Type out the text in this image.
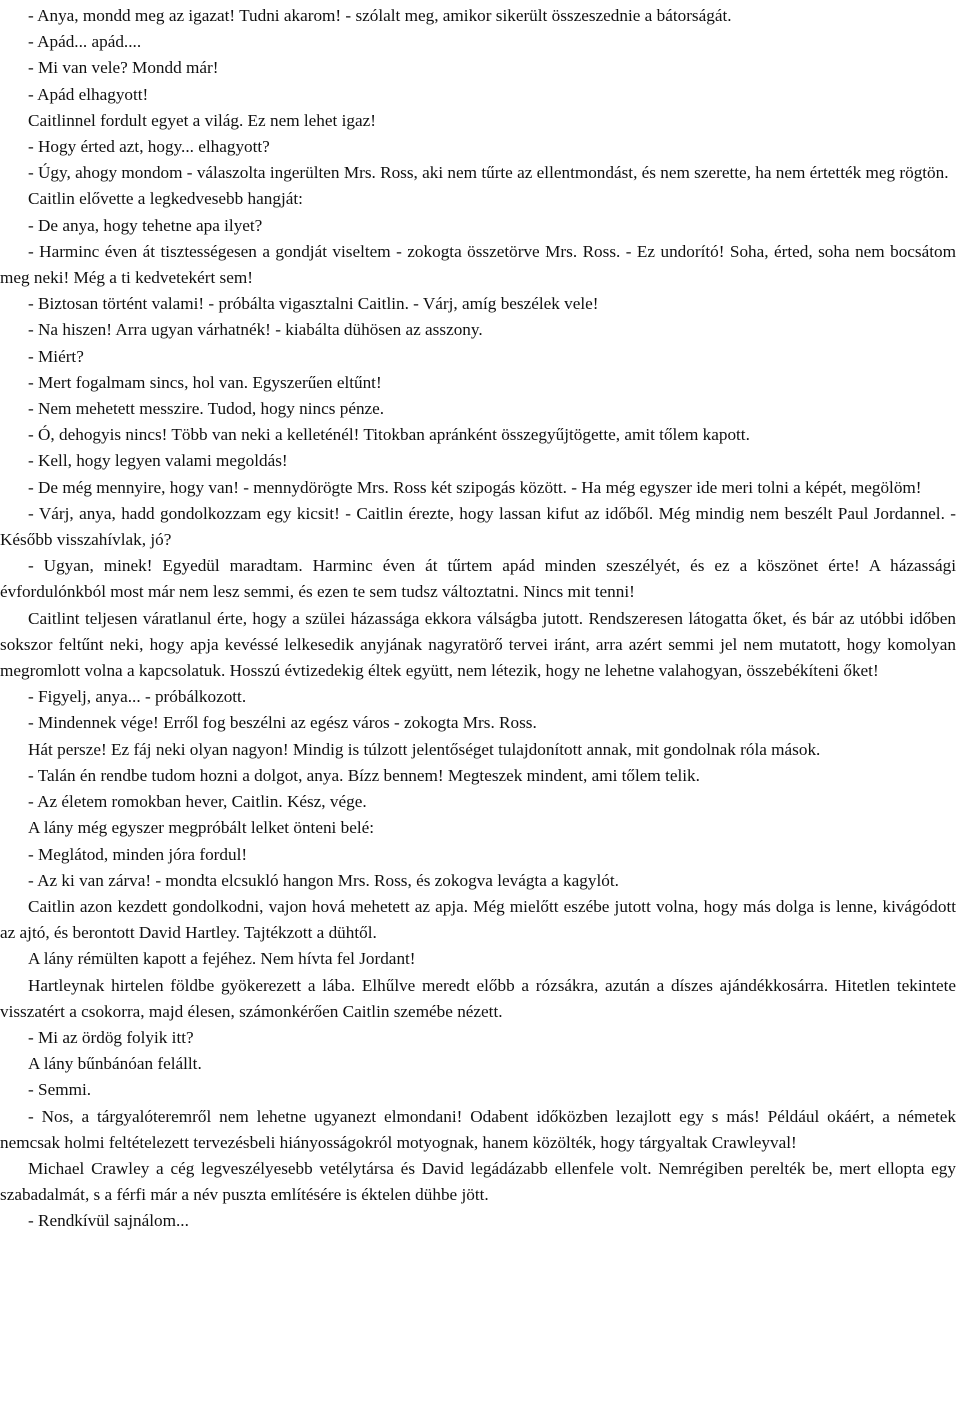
- Anya, mondd meg az igazat! Tudni akarom! - szólalt meg, amikor sikerült összeszednie a bátorságát.

- Apád... apád....

- Mi van vele? Mondd már!

- Apád elhagyott!

Caitlinnel fordult egyet a világ. Ez nem lehet igaz!

- Hogy érted azt, hogy... elhagyott?

- Úgy, ahogy mondom - válaszolta ingerülten Mrs. Ross, aki nem tűrte az ellentmondást, és nem szerette, ha nem értették meg rögtön.

Caitlin elővette a legkedvesebb hangját:

- De anya, hogy tehetne apa ilyet?

- Harminc éven át tisztességesen a gondját viseltem - zokogta összetörve Mrs. Ross. - Ez undorító! Soha, érted, soha nem bocsátom meg neki! Még a ti kedvetekért sem!

- Biztosan történt valami! - próbálta vigasztalni Caitlin. - Várj, amíg beszélek vele!

- Na hiszen! Arra ugyan várhatnék! - kiabálta dühösen az asszony.

- Miért?

- Mert fogalmam sincs, hol van. Egyszerűen eltűnt!

- Nem mehetett messzire. Tudod, hogy nincs pénze.

- Ó, dehogyis nincs! Több van neki a kelleténél! Titokban apránként összegyűjtögette, amit tőlem kapott.

- Kell, hogy legyen valami megoldás!

- De még mennyire, hogy van! - mennydörögte Mrs. Ross két szipogás között. - Ha még egyszer ide meri tolni a képét, megölöm!

- Várj, anya, hadd gondolkozzam egy kicsit! - Caitlin érezte, hogy lassan kifut az időből. Még mindig nem beszélt Paul Jordannel. - Később visszahívlak, jó?

- Ugyan, minek! Egyedül maradtam. Harminc éven át tűrtem apád minden szeszélyét, és ez a köszönet érte! A házassági évfordulónkból most már nem lesz semmi, és ezen te sem tudsz változtatni. Nincs mit tenni!

Caitlint teljesen váratlanul érte, hogy a szülei házassága ekkora válságba jutott. Rendszeresen látogatta őket, és bár az utóbbi időben sokszor feltűnt neki, hogy apja kevéssé lelkesedik anyjának nagyratörő tervei iránt, arra azért semmi jel nem mutatott, hogy komolyan megromlott volna a kapcsolatuk. Hosszú évtizedekig éltek együtt, nem létezik, hogy ne lehetne valahogyan, összebékíteni őket!

- Figyelj, anya... - próbálkozott.

- Mindennek vége! Erről fog beszélni az egész város - zokogta Mrs. Ross.

Hát persze! Ez fáj neki olyan nagyon! Mindig is túlzott jelentőséget tulajdonított annak, mit gondolnak róla mások.

- Talán én rendbe tudom hozni a dolgot, anya. Bízz bennem! Megteszek mindent, ami tőlem telik.

- Az életem romokban hever, Caitlin. Kész, vége.

A lány még egyszer megpróbált lelket önteni belé:

- Meglátod, minden jóra fordul!

- Az ki van zárva! - mondta elcsukló hangon Mrs. Ross, és zokogva levágta a kagylót.

Caitlin azon kezdett gondolkodni, vajon hová mehetett az apja. Még mielőtt eszébe jutott volna, hogy más dolga is lenne, kivágódott az ajtó, és berontott David Hartley. Tajtékzott a dühtől.

A lány rémülten kapott a fejéhez. Nem hívta fel Jordant!

Hartleynak hirtelen földbe gyökerezett a lába. Elhűlve meredt előbb a rózsákra, azután a díszes ajándékkosárra. Hitetlen tekintete visszatért a csokorra, majd élesen, számonkérően Caitlin szemébe nézett.

- Mi az ördög folyik itt?

A lány bűnbánóan felállt.

- Semmi.

- Nos, a tárgyalóteremről nem lehetne ugyanezt elmondani! Odabent időközben lezajlott egy s más! Például okáért, a németek nemcsak holmi feltételezett tervezésbeli hiányosságokról motyognak, hanem közölték, hogy tárgyaltak Crawleyval!

Michael Crawley a cég legveszélyesebb vetélytársa és David legádázabb ellenfele volt. Nemrégiben perelték be, mert ellopta egy szabadalmát, s a férfi már a név puszta említésére is éktelen dühbe jött.

- Rendkívül sajnálom...
